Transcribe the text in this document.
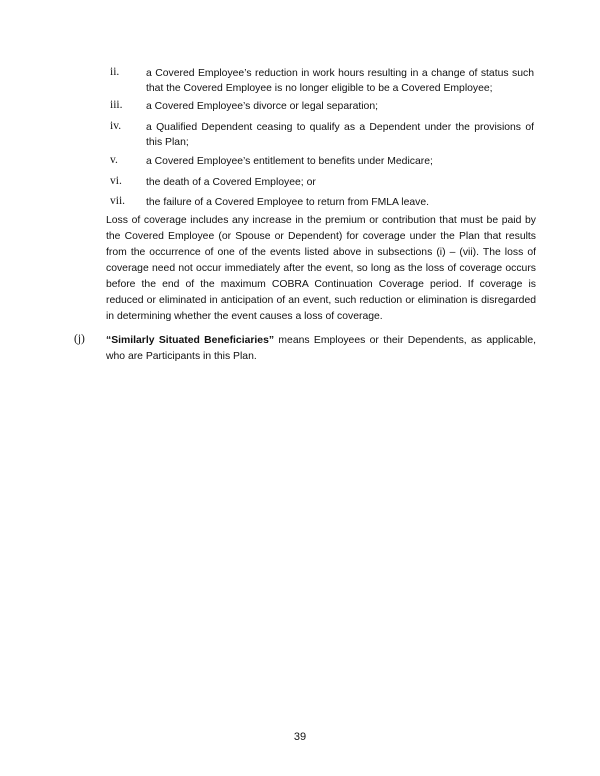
ii.	a Covered Employee’s reduction in work hours resulting in a change of status such that the Covered Employee is no longer eligible to be a Covered Employee;
iii. a Covered Employee’s divorce or legal separation;
iv. a Qualified Dependent ceasing to qualify as a Dependent under the provisions of this Plan;
v.	a Covered Employee’s entitlement to benefits under Medicare;
vi. the death of a Covered Employee; or
vii. the failure of a Covered Employee to return from FMLA leave.
Loss of coverage includes any increase in the premium or contribution that must be paid by the Covered Employee (or Spouse or Dependent) for coverage under the Plan that results from the occurrence of one of the events listed above in subsections (i) – (vii). The loss of coverage need not occur immediately after the event, so long as the loss of coverage occurs before the end of the maximum COBRA Continuation Coverage period. If coverage is reduced or eliminated in anticipation of an event, such reduction or elimination is disregarded in determining whether the event causes a loss of coverage.
(j) “Similarly Situated Beneficiaries” means Employees or their Dependents, as applicable, who are Participants in this Plan.
39
